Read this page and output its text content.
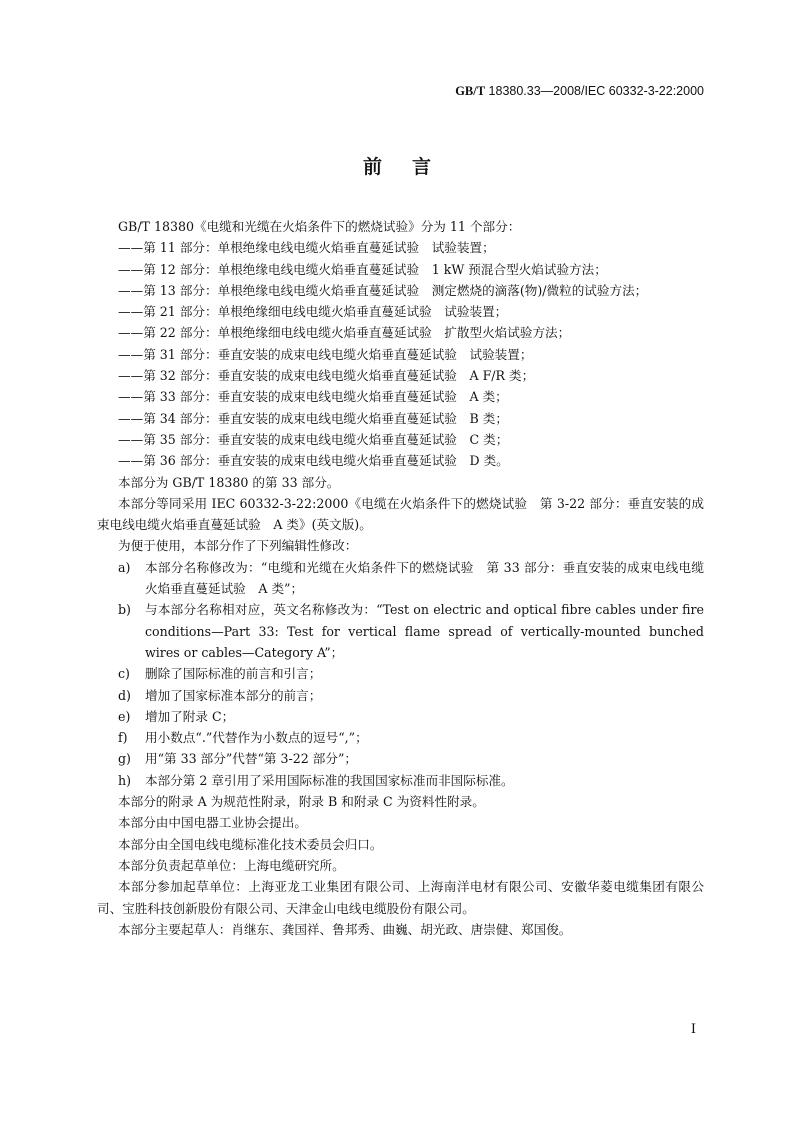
GB/T 18380.33—2008/IEC 60332-3-22:2000
前言
GB/T 18380《电缆和光缆在火焰条件下的燃烧试验》分为 11 个部分：
——第 11 部分：单根绝缘电线电缆火焰垂直蔓延试验　试验装置；
——第 12 部分：单根绝缘电线电缆火焰垂直蔓延试验　1 kW 预混合型火焰试验方法；
——第 13 部分：单根绝缘电线电缆火焰垂直蔓延试验　测定燃烧的滴落(物)/微粒的试验方法；
——第 21 部分：单根绝缘细电线电缆火焰垂直蔓延试验　试验装置；
——第 22 部分：单根绝缘细电线电缆火焰垂直蔓延试验　扩散型火焰试验方法；
——第 31 部分：垂直安装的成束电线电缆火焰垂直蔓延试验　试验装置；
——第 32 部分：垂直安装的成束电线电缆火焰垂直蔓延试验　A F/R 类；
——第 33 部分：垂直安装的成束电线电缆火焰垂直蔓延试验　A 类；
——第 34 部分：垂直安装的成束电线电缆火焰垂直蔓延试验　B 类；
——第 35 部分：垂直安装的成束电线电缆火焰垂直蔓延试验　C 类；
——第 36 部分：垂直安装的成束电线电缆火焰垂直蔓延试验　D 类。
本部分为 GB/T 18380 的第 33 部分。
本部分等同采用 IEC 60332-3-22:2000《电缆在火焰条件下的燃烧试验　第 3-22 部分：垂直安装的成束电线电缆火焰垂直蔓延试验　A 类》(英文版)。
为便于使用，本部分作了下列编辑性修改：
a)	本部分名称修改为：“电缆和光缆在火焰条件下的燃烧试验　第 33 部分：垂直安装的成束电线电缆火焰垂直蔓延试验　A 类”；
b)	与本部分名称相对应，英文名称修改为：“Test on electric and optical fibre cables under fire conditions—Part 33: Test for vertical flame spread of vertically-mounted bunched wires or cables—Category A”；
c)	删除了国际标准的前言和引言；
d)	增加了国家标准本部分的前言；
e)	增加了附录 C；
f)	用小数点“.”代替作为小数点的逗号“,”；
g)	用“第 33 部分”代替“第 3-22 部分”；
h)	本部分第 2 章引用了采用国际标准的我国国家标准而非国际标准。
本部分的附录 A 为规范性附录，附录 B 和附录 C 为资料性附录。
本部分由中国电器工业协会提出。
本部分由全国电线电缆标准化技术委员会归口。
本部分负责起草单位：上海电缆研究所。
本部分参加起草单位：上海亚龙工业集团有限公司、上海南洋电材有限公司、安徽华菱电缆集团有限公司、宝胜科技创新股份有限公司、天津金山电线电缆股份有限公司。
本部分主要起草人：肖继东、龚国祥、鲁邦秀、曲巍、胡光政、唐崇健、郑国俊。
I
